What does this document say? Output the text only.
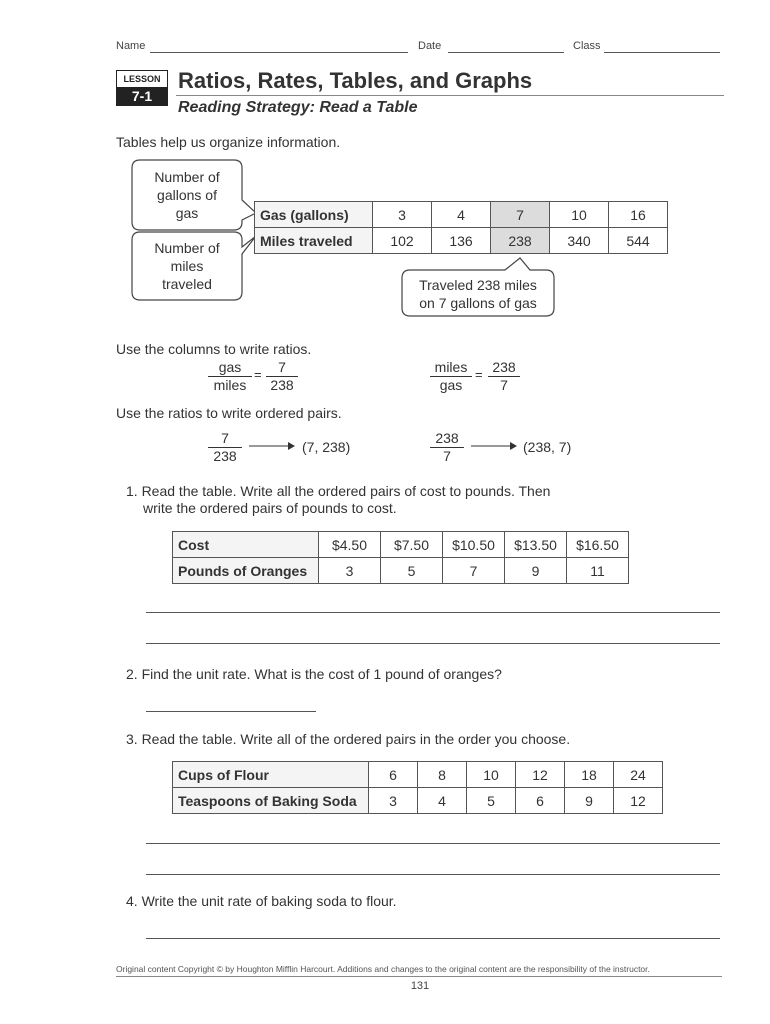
Name	Date	Class
LESSON
7-1
Ratios, Rates, Tables, and Graphs
Reading Strategy: Read a Table
Tables help us organize information.
Number of
gallons of
gas
Number of
miles
traveled	Traveled 238 miles
on 7 gallons of gas
Gas (gallons)	3	4	7	10	16
Miles traveled	102	136	238	340	544
Use the columns to write ratios.
gas
miles
= $\frac{7}{238}$	miles
gas
= $\frac{238}{7}$
Use the ratios to write ordered pairs.
$\frac{7}{238}$	(7, 238)	$\frac{238}{7}$	(238, 7)
1. Read the table. Write all the ordered pairs of cost to pounds. Then
write the ordered pairs of pounds to cost.
Cost	$4.50	$7.50	$10.50	$13.50	$16.50
Pounds of Oranges	3	5	7	9	11
2. Find the unit rate. What is the cost of 1 pound of oranges?
3. Read the table. Write all of the ordered pairs in the order you choose.
Cups of Flour	6	8	10	12	18	24
Teaspoons of Baking Soda	3	4	5	6	9	12
4. Write the unit rate of baking soda to flour.
Original content Copyright © by Houghton Mifflin Harcourt. Additions and changes to the original content are the responsibility of the instructor.
131
